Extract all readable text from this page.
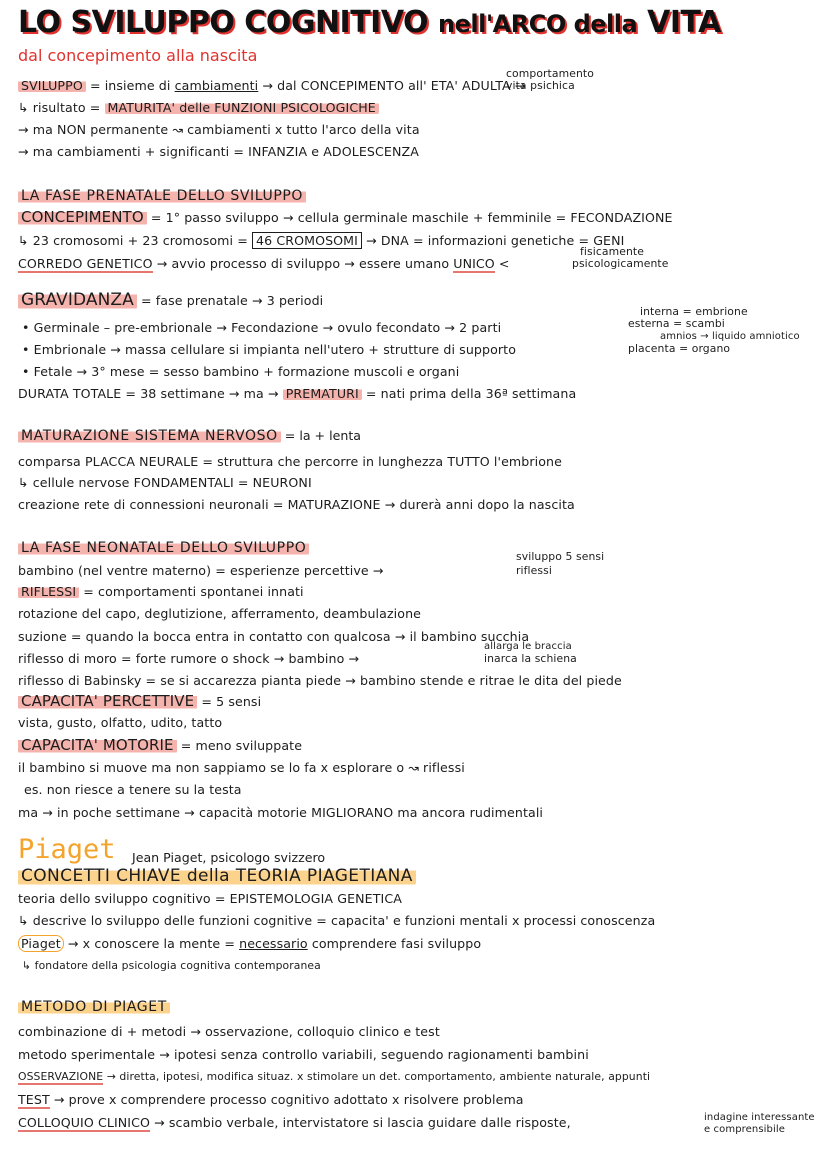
LO SVILUPPO COGNITIVO nell'ARCO della VITA
dal concepimento alla nascita
SVILUPPO = insieme di cambiamenti → dal CONCEPIMENTO all' ETA' ADULTA →
comportamento
vita psichica
↳ risultato = MATURITA' delle FUNZIONI PSICOLOGICHE
→ ma NON permanente ↝ cambiamenti x tutto l'arco della vita
→ ma cambiamenti + significanti = INFANZIA e ADOLESCENZA
LA FASE PRENATALE DELLO SVILUPPO
CONCEPIMENTO = 1° passo sviluppo → cellula germinale maschile + femminile = FECONDAZIONE
↳ 23 cromosomi + 23 cromosomi = 46 CROMOSOMI → DNA = informazioni genetiche = GENI
CORREDO GENETICO → avvio processo di sviluppo → essere umano UNICO <
fisicamente
psicologicamente
GRAVIDANZA = fase prenatale → 3 periodi
• Germinale – pre-embrionale → Fecondazione → ovulo fecondato → 2 parti
interna = embrione
esterna = scambi
amnios → liquido amniotico
placenta = organo
• Embrionale → massa cellulare si impianta nell'utero + strutture di supporto
• Fetale → 3° mese = sesso bambino + formazione muscoli e organi
DURATA TOTALE = 38 settimane → ma → PREMATURI = nati prima della 36ª settimana
MATURAZIONE SISTEMA NERVOSO = la + lenta
comparsa PLACCA NEURALE = struttura che percorre in lunghezza TUTTO l'embrione
↳ cellule nervose FONDAMENTALI = NEURONI
creazione rete di connessioni neuronali = MATURAZIONE → durerà anni dopo la nascita
LA FASE NEONATALE DELLO SVILUPPO
bambino (nel ventre materno) = esperienze percettive →
sviluppo 5 sensi
riflessi
RIFLESSI = comportamenti spontanei innati
rotazione del capo, deglutizione, afferramento, deambulazione
suzione = quando la bocca entra in contatto con qualcosa → il bambino succhia
allarga le braccia
riflesso di moro = forte rumore o shock → bambino →	inarca la schiena
riflesso di Babinsky = se si accarezza pianta piede → bambino stende e ritrae le dita del piede
CAPACITA' PERCETTIVE = 5 sensi
vista, gusto, olfatto, udito, tatto
CAPACITA' MOTORIE = meno sviluppate
il bambino si muove ma non sappiamo se lo fa x esplorare o ↝ riflessi
es. non riesce a tenere su la testa
ma → in poche settimane → capacità motorie MIGLIORANO ma ancora rudimentali
Piaget Jean Piaget, psicologo svizzero
CONCETTI CHIAVE della TEORIA PIAGETIANA
teoria dello sviluppo cognitivo = EPISTEMOLOGIA GENETICA
↳ descrive lo sviluppo delle funzioni cognitive = capacita' e funzioni mentali x processi conoscenza
Piaget → x conoscere la mente = necessario comprendere fasi sviluppo
↳ fondatore della psicologia cognitiva contemporanea
METODO DI PIAGET
combinazione di + metodi → osservazione, colloquio clinico e test
metodo sperimentale → ipotesi senza controllo variabili, seguendo ragionamenti bambini
OSSERVAZIONE → diretta, ipotesi, modifica situaz. x stimolare un det. comportamento, ambiente naturale, appunti
TEST → prove x comprendere processo cognitivo adottato x risolvere problema
COLLOQUIO CLINICO → scambio verbale, intervistatore si lascia guidare dalle risposte,	indagine interessante
e comprensibile
